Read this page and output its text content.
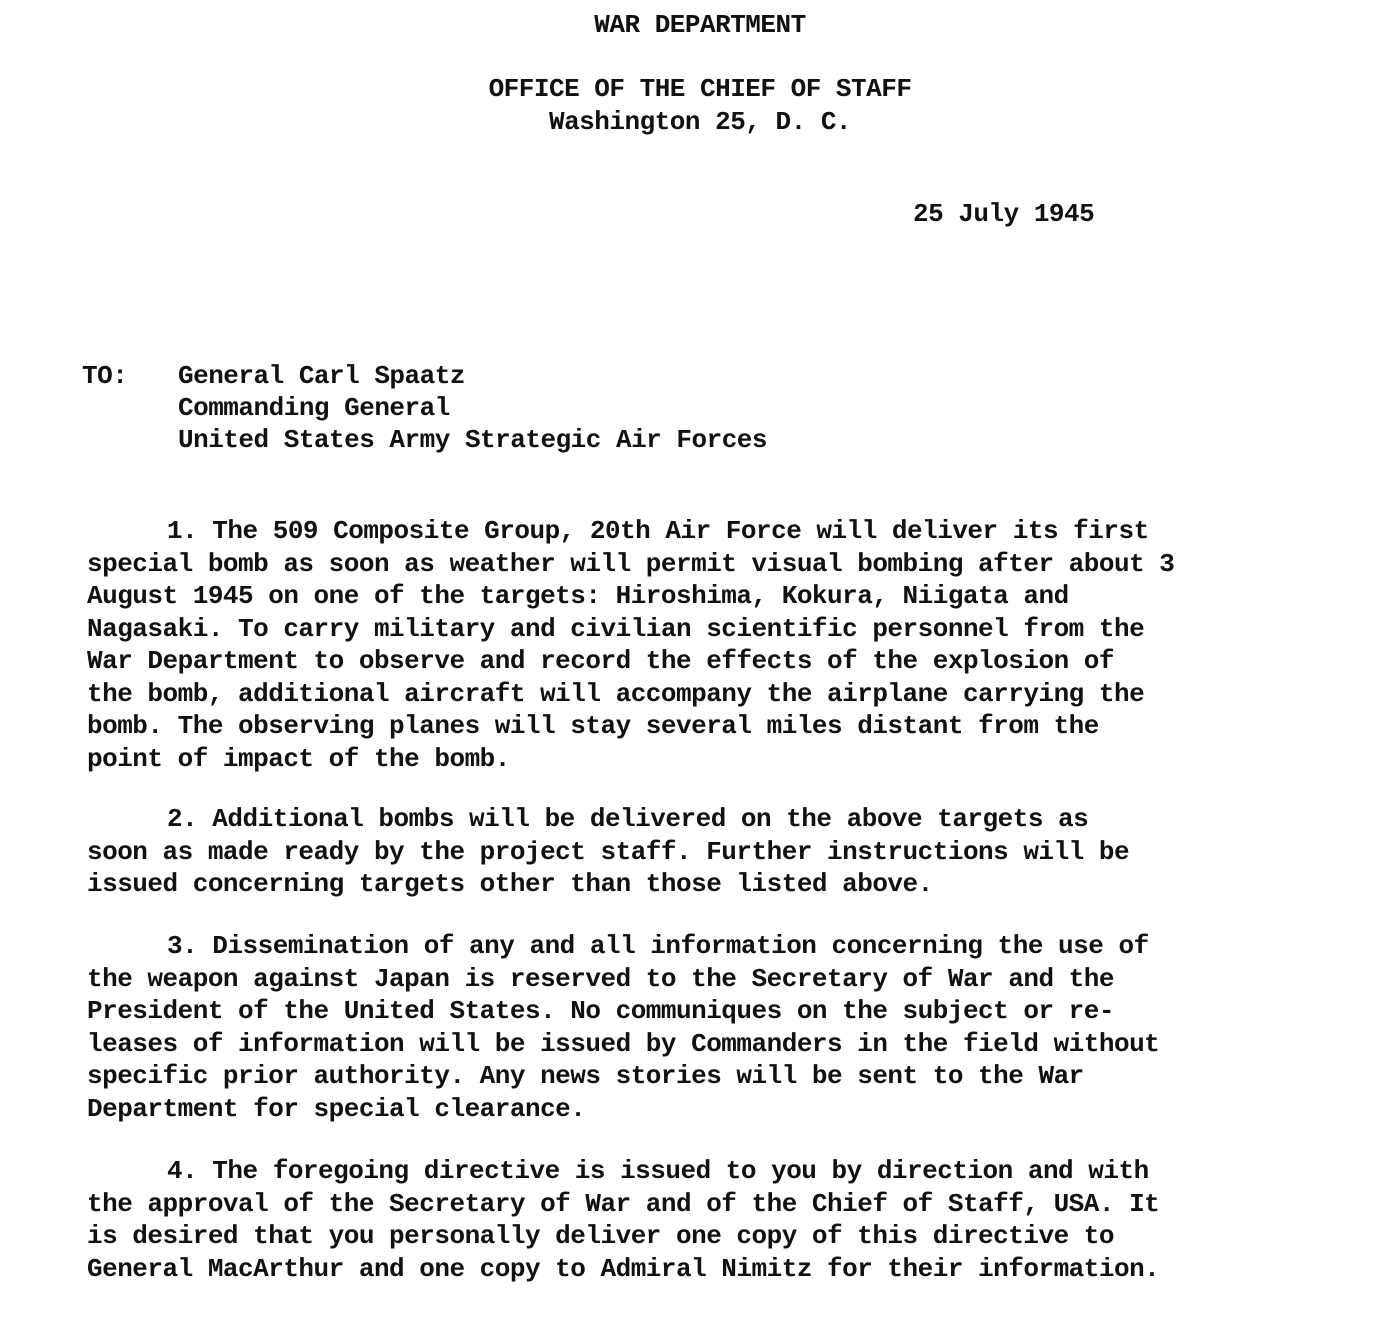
WAR DEPARTMENT
OFFICE OF THE CHIEF OF STAFF
Washington 25, D. C.
25 July 1945
TO: General Carl Spaatz
Commanding General
United States Army Strategic Air Forces

1. The 509 Composite Group, 20th Air Force will deliver its first

special bomb as soon as weather will permit visual bombing after about 3

August 1945 on one of the targets: Hiroshima, Kokura, Niigata and

Nagasaki. To carry military and civilian scientific personnel from the

War Department to observe and record the effects of the explosion of

the bomb, additional aircraft will accompany the airplane carrying the

bomb. The observing planes will stay several miles distant from the

point of impact of the bomb.

2. Additional bombs will be delivered on the above targets as

soon as made ready by the project staff. Further instructions will be

issued concerning targets other than those listed above.

3. Dissemination of any and all information concerning the use of

the weapon against Japan is reserved to the Secretary of War and the

President of the United States. No communiques on the subject or re-

leases of information will be issued by Commanders in the field without

specific prior authority. Any news stories will be sent to the War

Department for special clearance.

4. The foregoing directive is issued to you by direction and with

the approval of the Secretary of War and of the Chief of Staff, USA. It

is desired that you personally deliver one copy of this directive to

General MacArthur and one copy to Admiral Nimitz for their information.
